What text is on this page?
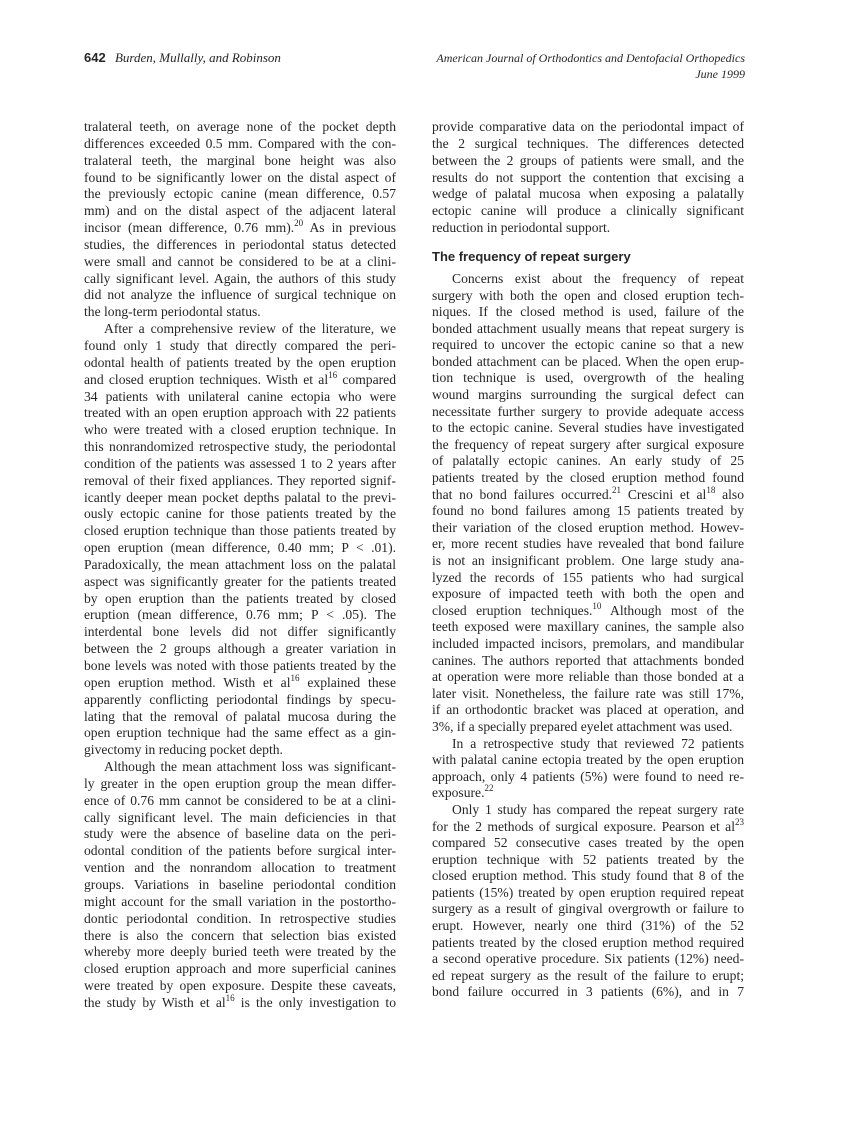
642 Burden, Mullally, and Robinson	American Journal of Orthodontics and Dentofacial Orthopedics
June 1999
tralateral teeth, on average none of the pocket depth
differences exceeded 0.5 mm. Compared with the con-
tralateral teeth, the marginal bone height was also
found to be significantly lower on the distal aspect of
the previously ectopic canine (mean difference, 0.57
mm) and on the distal aspect of the adjacent lateral
incisor (mean difference, 0.76 mm).$^{20}$ As in previous
studies, the differences in periodontal status detected
were small and cannot be considered to be at a clini-
cally significant level. Again, the authors of this study
did not analyze the influence of surgical technique on
the long-term periodontal status.
After a comprehensive review of the literature, we
found only 1 study that directly compared the peri-
odontal health of patients treated by the open eruption
and closed eruption techniques. Wisth et $al^{16}$ compared
34 patients with unilateral canine ectopia who were
treated with an open eruption approach with 22 patients
who were treated with a closed eruption technique. In
this nonrandomized retrospective study, the periodontal
condition of the patients was assessed 1 to 2 years after
removal of their fixed appliances. They reported signif-
icantly deeper mean pocket depths palatal to the previ-
ously ectopic canine for those patients treated by the
closed eruption technique than those patients treated by
open eruption (mean difference, 0.40 mm; P < .01).
Paradoxically, the mean attachment loss on the palatal
aspect was significantly greater for the patients treated
by open eruption than the patients treated by closed
eruption (mean difference, 0.76 mm; P < .05). The
interdental bone levels did not differ significantly
between the 2 groups although a greater variation in
bone levels was noted with those patients treated by the
open eruption method. Wisth et $al^{16}$ explained these
apparently conflicting periodontal findings by specu-
lating that the removal of palatal mucosa during the
open eruption technique had the same effect as a gin-
givectomy in reducing pocket depth.
Although the mean attachment loss was significant-
ly greater in the open eruption group the mean differ-
ence of 0.76 mm cannot be considered to be at a clini-
cally significant level. The main deficiencies in that
study were the absence of baseline data on the peri-
odontal condition of the patients before surgical inter-
vention and the nonrandom allocation to treatment
groups. Variations in baseline periodontal condition
might account for the small variation in the postortho-
dontic periodontal condition. In retrospective studies
there is also the concern that selection bias existed
whereby more deeply buried teeth were treated by the
closed eruption approach and more superficial canines
were treated by open exposure. Despite these caveats,
the study by Wisth et $al^{16}$ is the only investigation to
provide comparative data on the periodontal impact of
the 2 surgical techniques. The differences detected
between the 2 groups of patients were small, and the
results do not support the contention that excising a
wedge of palatal mucosa when exposing a palatally
ectopic canine will produce a clinically significant
reduction in periodontal support.
The frequency of repeat surgery
Concerns exist about the frequency of repeat
surgery with both the open and closed eruption tech-
niques. If the closed method is used, failure of the
bonded attachment usually means that repeat surgery is
required to uncover the ectopic canine so that a new
bonded attachment can be placed. When the open erup-
tion technique is used, overgrowth of the healing
wound margins surrounding the surgical defect can
necessitate further surgery to provide adequate access
to the ectopic canine. Several studies have investigated
the frequency of repeat surgery after surgical exposure
of palatally ectopic canines. An early study of 25
patients treated by the closed eruption method found
that no bond failures occurred.$^{21}$ Crescini et $al^{18}$ also
found no bond failures among 15 patients treated by
their variation of the closed eruption method. Howev-
er, more recent studies have revealed that bond failure
is not an insignificant problem. One large study ana-
lyzed the records of 155 patients who had surgical
exposure of impacted teeth with both the open and
closed eruption techniques.$^{10}$ Although most of the
teeth exposed were maxillary canines, the sample also
included impacted incisors, premolars, and mandibular
canines. The authors reported that attachments bonded
at operation were more reliable than those bonded at a
later visit. Nonetheless, the failure rate was still 17%,
if an orthodontic bracket was placed at operation, and
3%, if a specially prepared eyelet attachment was used.
In a retrospective study that reviewed 72 patients
with palatal canine ectopia treated by the open eruption
approach, only 4 patients (5%) were found to need re-
exposure.$^{22}$
Only 1 study has compared the repeat surgery rate
for the 2 methods of surgical exposure. Pearson et $al^{23}$
compared 52 consecutive cases treated by the open
eruption technique with 52 patients treated by the
closed eruption method. This study found that 8 of the
patients (15%) treated by open eruption required repeat
surgery as a result of gingival overgrowth or failure to
erupt. However, nearly one third (31%) of the 52
patients treated by the closed eruption method required
a second operative procedure. Six patients (12%) need-
ed repeat surgery as the result of the failure to erupt;
bond failure occurred in 3 patients (6%), and in 7
